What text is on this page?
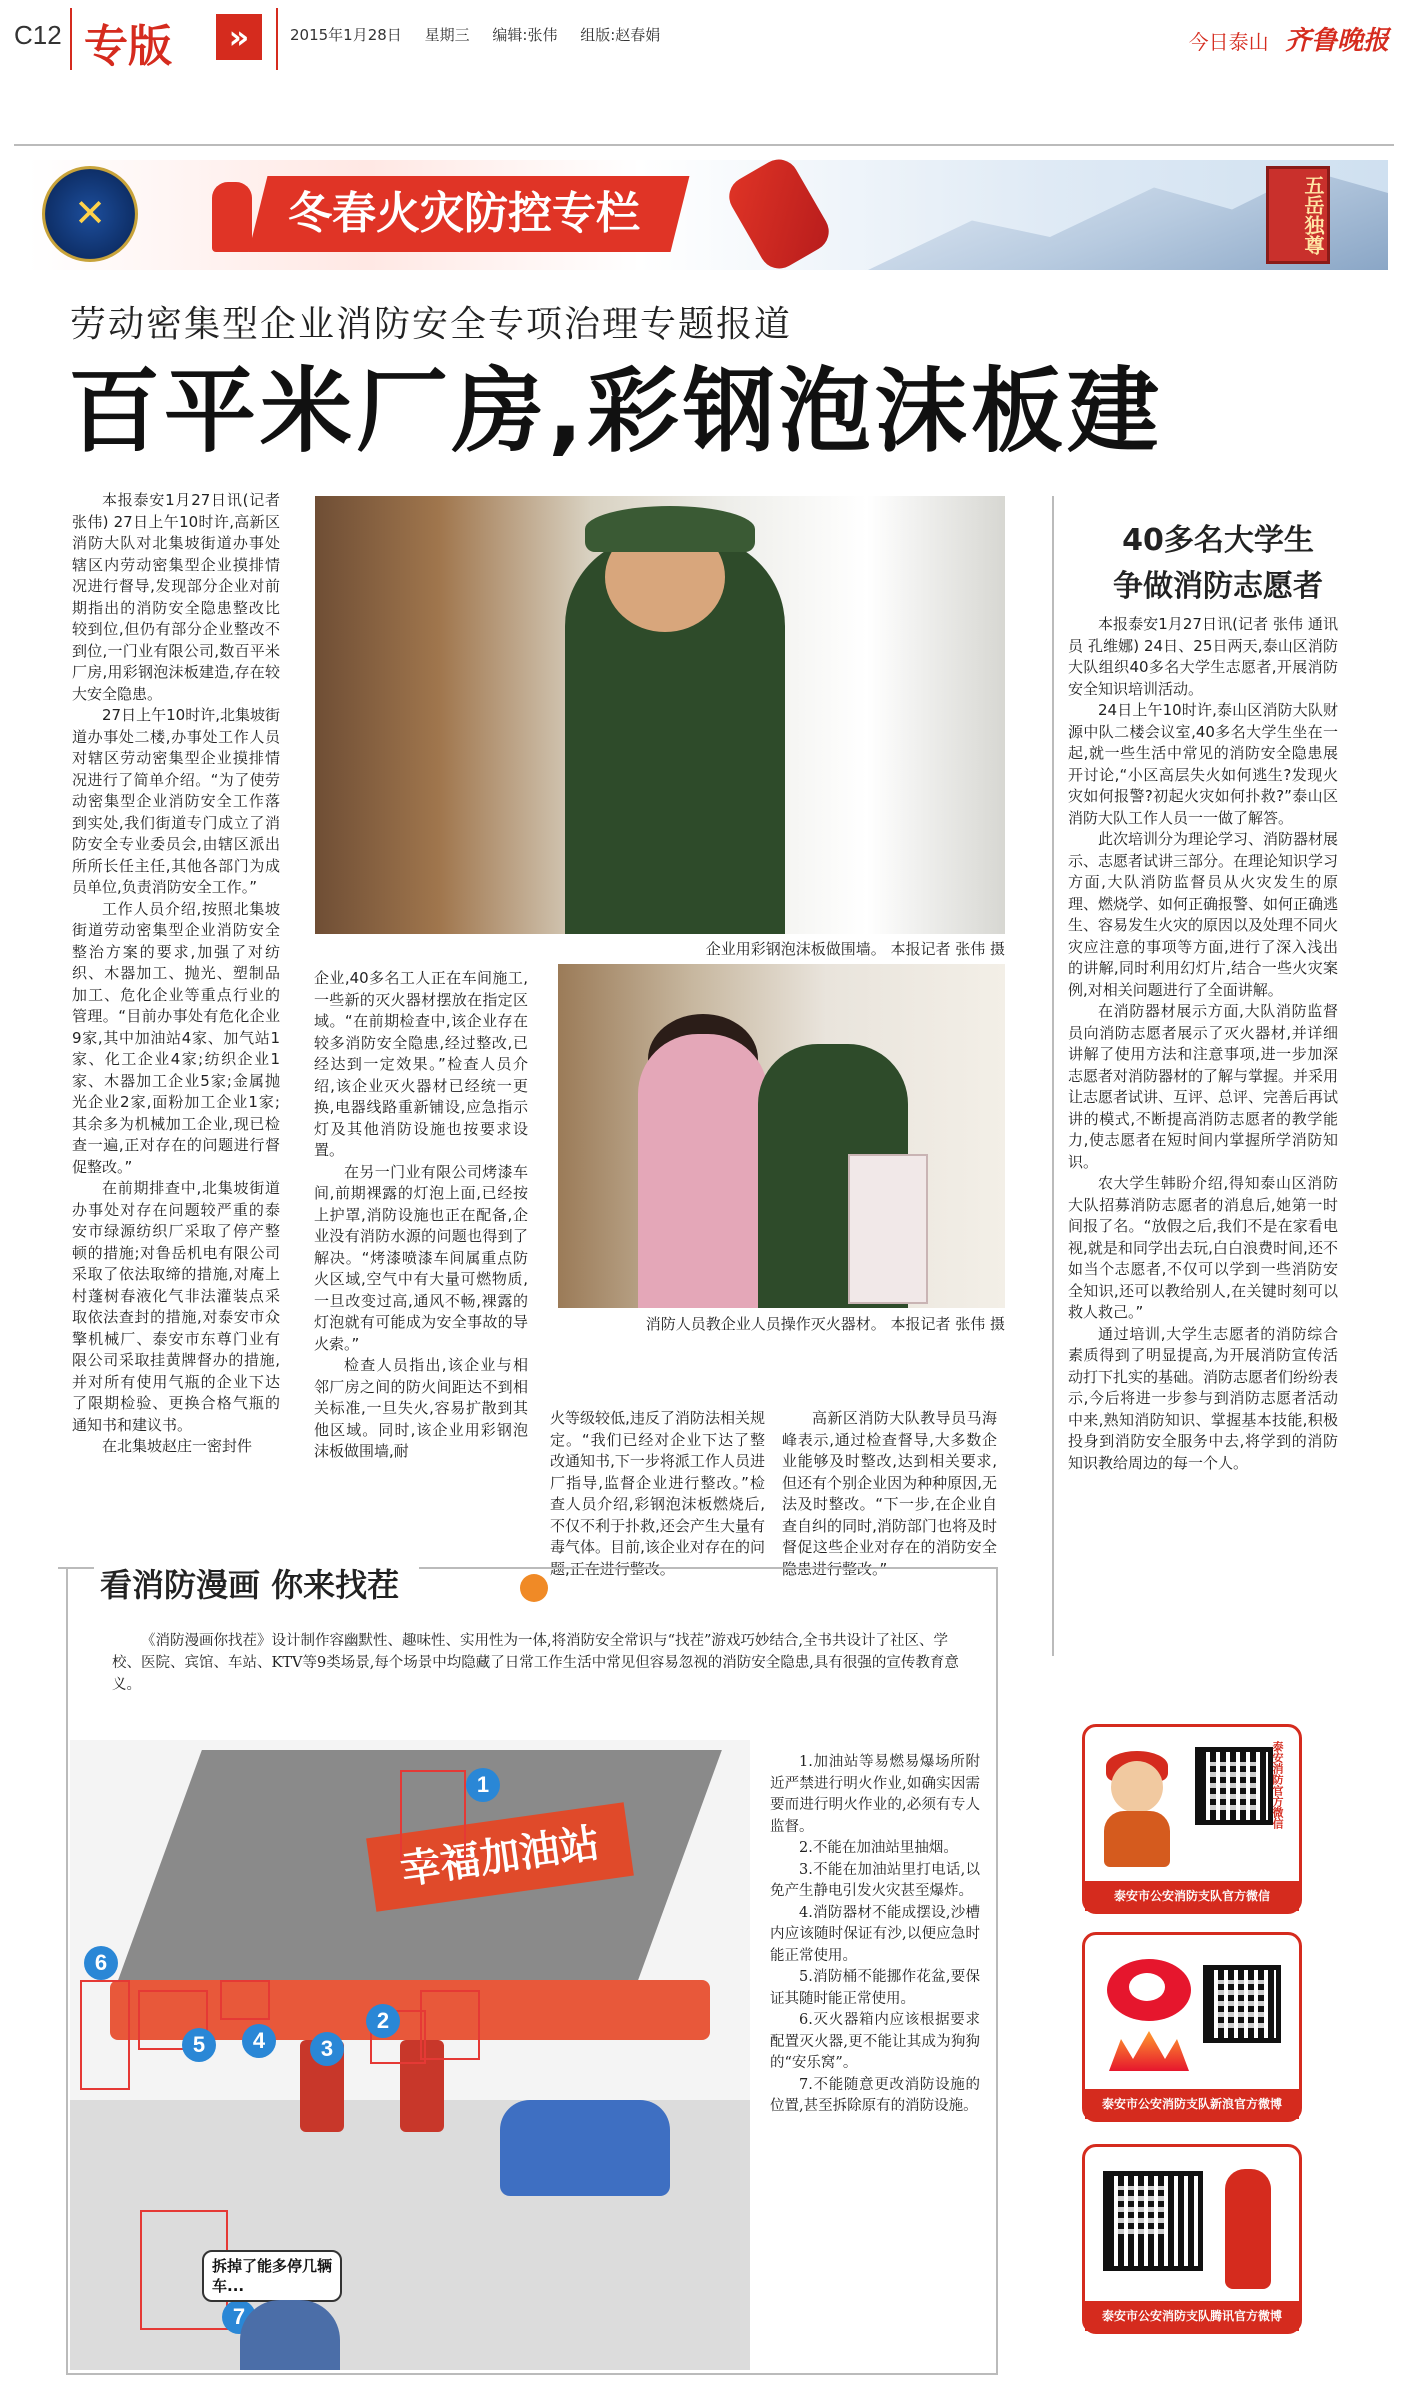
C12 专版	»	2015年1月28日 星期三 编辑:张伟 组版:赵春娟	今日泰山 齐鲁晚报
✕
冬春火灾防控专栏	五岳独尊
劳动密集型企业消防安全专项治理专题报道
百平米厂房,彩钢泡沫板建

本报泰安1月27日讯(记者 张伟) 27日上午10时许,高新区消防大队对北集坡街道办事处辖区内劳动密集型企业摸排情况进行督导,发现部分企业对前期指出的消防安全隐患整改比较到位,但仍有部分企业整改不到位,一门业有限公司,数百平米厂房,用彩钢泡沫板建造,存在较大安全隐患。

27日上午10时许,北集坡街道办事处二楼,办事处工作人员对辖区劳动密集型企业摸排情况进行了简单介绍。“为了使劳动密集型企业消防安全工作落到实处,我们街道专门成立了消防安全专业委员会,由辖区派出所所长任主任,其他各部门为成员单位,负责消防安全工作。”

工作人员介绍,按照北集坡街道劳动密集型企业消防安全整治方案的要求,加强了对纺织、木器加工、抛光、塑制品加工、危化企业等重点行业的管理。“目前办事处有危化企业9家,其中加油站4家、加气站1家、化工企业4家;纺织企业1家、木器加工企业5家;金属抛光企业2家,面粉加工企业1家;其余多为机械加工企业,现已检查一遍,正对存在的问题进行督促整改。”

在前期排查中,北集坡街道办事处对存在问题较严重的泰安市绿源纺织厂采取了停产整顿的措施;对鲁岳机电有限公司采取了依法取缔的措施,对庵上村蓬树春液化气非法灌装点采取依法查封的措施,对泰安市众擎机械厂、泰安市东尊门业有限公司采取挂黄牌督办的措施,并对所有使用气瓶的企业下达了限期检验、更换合格气瓶的通知书和建议书。

在北集坡赵庄一密封件

企业用彩钢泡沫板做围墙。 本报记者 张伟 摄

企业,40多名工人正在车间施工,一些新的灭火器材摆放在指定区域。“在前期检查中,该企业存在较多消防安全隐患,经过整改,已经达到一定效果。”检查人员介绍,该企业灭火器材已经统一更换,电器线路重新铺设,应急指示灯及其他消防设施也按要求设置。

在另一门业有限公司烤漆车间,前期裸露的灯泡上面,已经按上护罩,消防设施也正在配备,企业没有消防水源的问题也得到了解决。“烤漆喷漆车间属重点防火区域,空气中有大量可燃物质,一旦改变过高,通风不畅,裸露的灯泡就有可能成为安全事故的导火索。”

检查人员指出,该企业与相邻厂房之间的防火间距达不到相关标准,一旦失火,容易扩散到其他区域。同时,该企业用彩钢泡沫板做围墙,耐

消防人员教企业人员操作灭火器材。 本报记者 张伟 摄

火等级较低,违反了消防法相关规定。“我们已经对企业下达了整改通知书,下一步将派工作人员进厂指导,监督企业进行整改。”检查人员介绍,彩钢泡沫板燃烧后,不仅不利于扑救,还会产生大量有毒气体。目前,该企业对存在的问

高新区消防大队教导员马海峰表示,通过检查督导,大多数企业能够及时整改,达到相关要求,但还有个别企业因为种种原因,无法及时整改。“下一步,在企业自查自纠的同时,消防部门也将及时督促这些企业对存在的消防安全

40多名大学生
争做消防志愿者

本报泰安1月27日讯(记者 张伟 通讯员 孔维娜) 24日、25日两天,泰山区消防大队组织40多名大学生志愿者,开展消防安全知识培训活动。

24日上午10时许,泰山区消防大队财源中队二楼会议室,40多名大学生坐在一起,就一些生活中常见的消防安全隐患展开讨论,“小区高层失火如何逃生?发现火灾如何报警?初起火灾如何扑救?”泰山区消防大队工作人员一一做了解答。

此次培训分为理论学习、消防器材展示、志愿者试讲三部分。在理论知识学习方面,大队消防监督员从火灾发生的原理、燃烧学、如何正确报警、如何正确逃生、容易发生火灾的原因以及处理不同火灾应注意的事项等方面,进行了深入浅出的讲解,同时利用幻灯片,结合一些火灾案例,对相关问题进行了全面讲解。

在消防器材展示方面,大队消防监督员向消防志愿者展示了灭火器材,并详细讲解了使用方法和注意事项,进一步加深志愿者对消防器材的了解与掌握。并采用让志愿者试讲、互评、总评、完善后再试讲的模式,不断提高消防志愿者的教学能力,使志愿者在短时间内掌握所学消防知识。

农大学生韩盼介绍,得知泰山区消防大队招募消防志愿者的消息后,她第一时间报了名。“放假之后,我们不是在家看电视,就是和同学出去玩,白白浪费时间,还不如当个志愿者,不仅可以学到一些消防安全知识,还可以教给别人,在关键时刻可以救人救己。”

通过培训,大学生志愿者的消防综合素质得到了明显提高,为开展消防宣传活动打下扎实的基础。消防志愿者们纷纷表示,今后将进一步参与到消防志愿者活动中来,熟知消防知识、掌握基本技能,积极投身到消防安全服务中去,将学到的消防知识教给周边的每一个人。

看消防漫画 你来找茬
《消防漫画你找茬》设计制作容幽默性、趣味性、实用性为一体,将消防安全常识与“找茬”游戏巧妙结合,全书共设计了社区、学校、医院、宾馆、车站、KTV等9类场景,每个场景中均隐藏了日常工作生活中常见但容易忽视的消防安全隐患,具有很强的宣传教育意义。
幸福加油站
1
2
3
4
5
6
7
拆掉了能多停几辆车...

1.加油站等易燃易爆场所附近严禁进行明火作业,如确实因需要而进行明火作业的,必须有专人监督。

2.不能在加油站里抽烟。

3.不能在加油站里打电话,以免产生静电引发火灾甚至爆炸。

4.消防器材不能成摆设,沙槽内应该随时保证有沙,以便应急时能正常使用。

5.消防桶不能挪作花盆,要保证其随时能正常使用。

6.灭火器箱内应该根据要求配置灭火器,更不能让其成为狗狗的“安乐窝”。

7.不能随意更改消防设施的位置,甚至拆除原有的消防设施。

泰安消防官方微信
泰安市公安消防支队官方微信
泰安市公安消防支队新浪官方微博
泰安市公安消防支队腾讯官方微博
